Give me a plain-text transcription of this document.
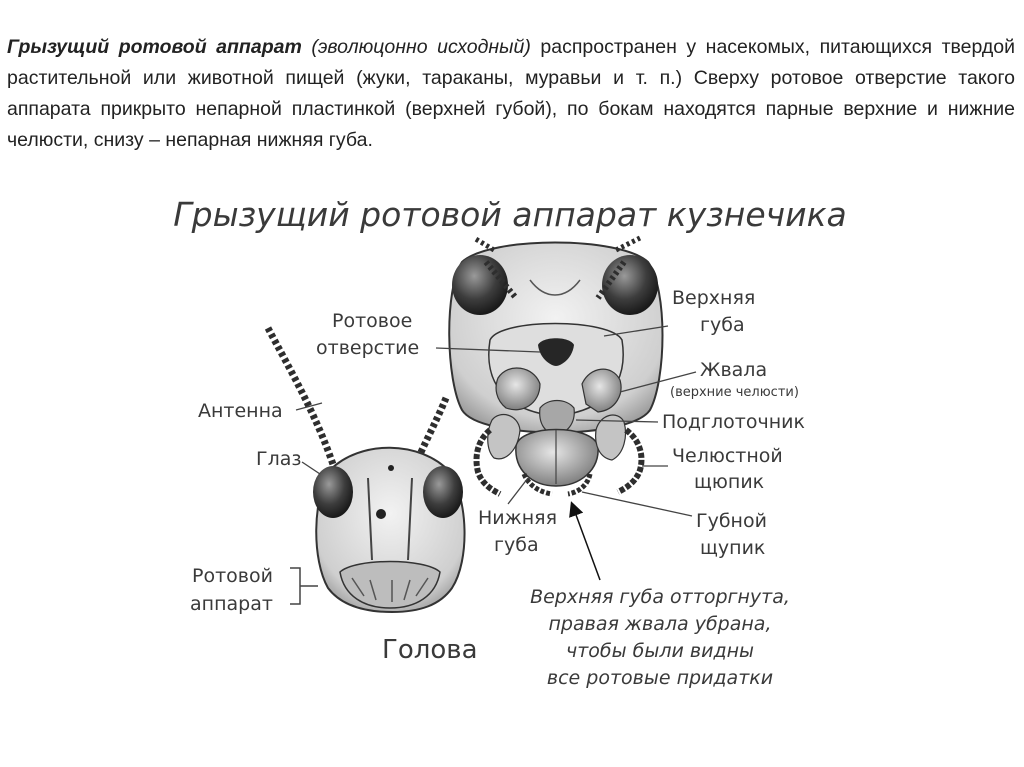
Грызущий ротовой аппарат (эволюцонно исходный) распространен у насекомых, питающихся твердой растительной или животной пищей (жуки, тараканы, муравьи и т. п.) Сверху ротовое отверстие такого аппарата прикрыто непарной пластинкой (верхней губой), по бокам находятся парные верхние и нижние челюсти, снизу – непарная нижняя губа.

Грызущий ротовой аппарат кузнечика
Антенна
Глаз
Ротовой
аппарат
Голова
Ротовое
отверстие
Верхняя
губа
Жвала
(верхние челюсти)
Подглоточник
Челюстной
щюпик
Нижняя
губа
Губной
щупик
Верхняя губа отторгнута,
правая жвала убрана,
чтобы были видны
все ротовые придатки
